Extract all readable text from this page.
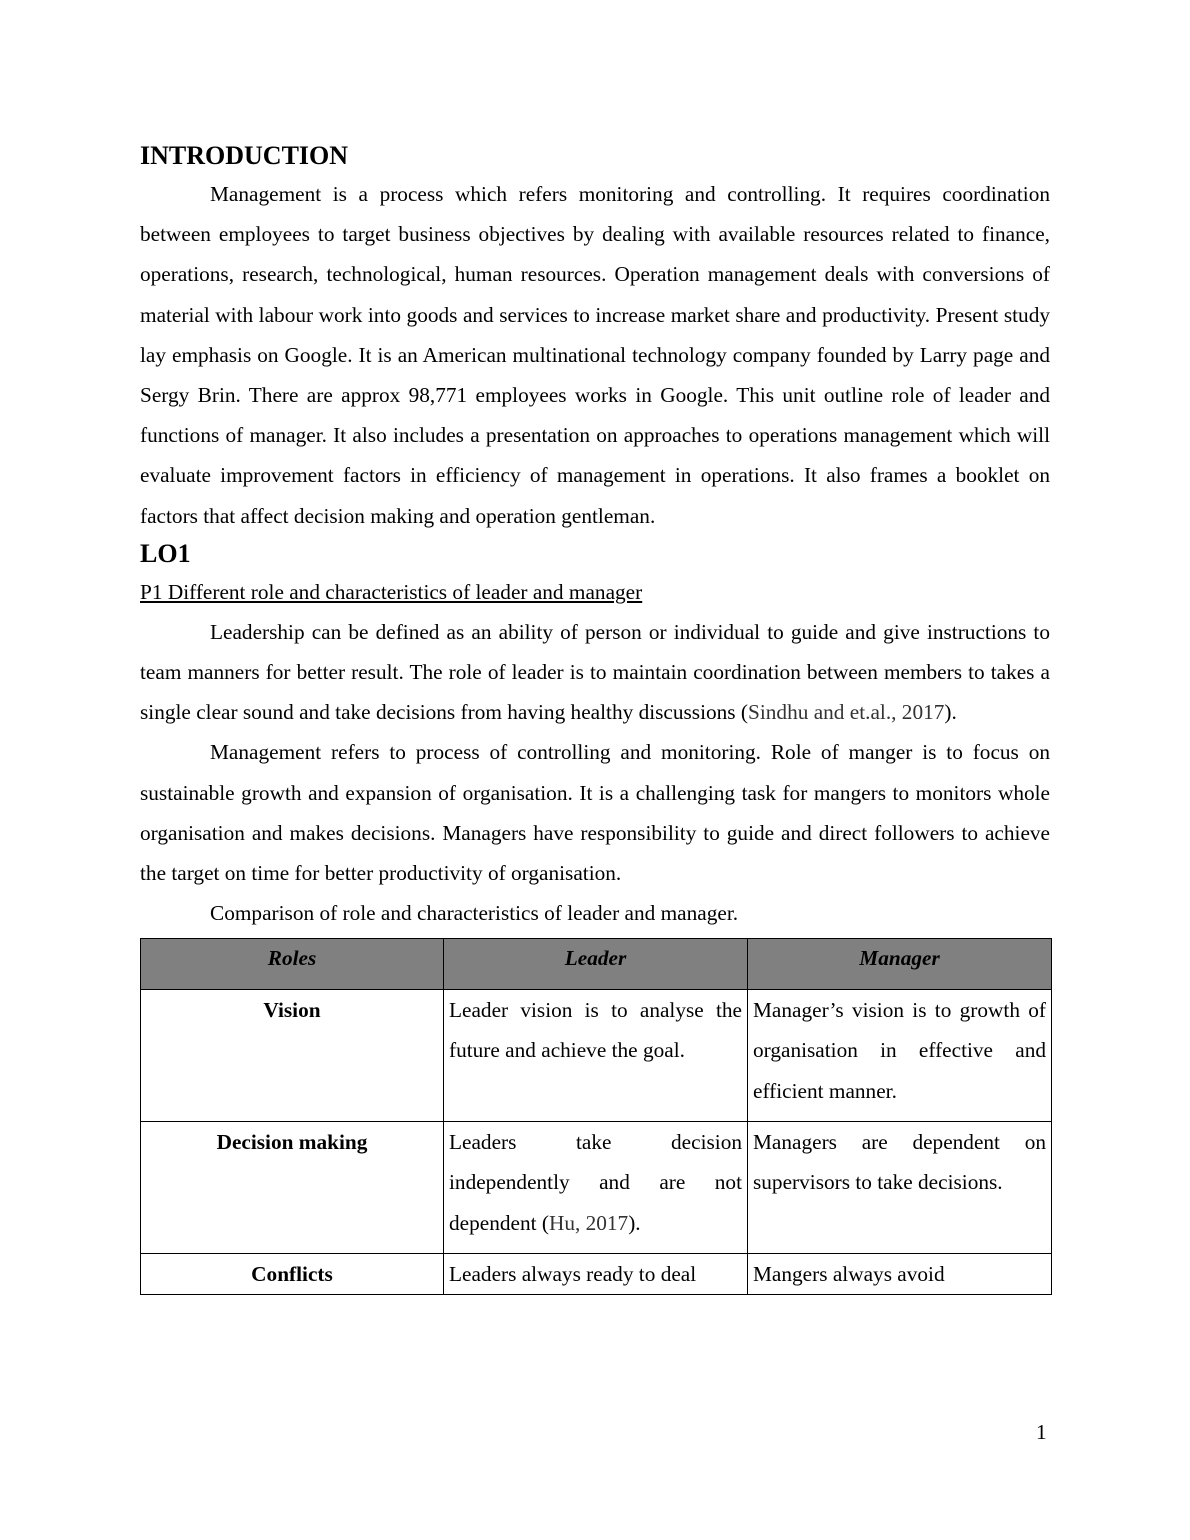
INTRODUCTION

Management is a process which refers monitoring and controlling. It requires coordination between employees to target business objectives by dealing with available resources related to finance, operations, research, technological, human resources. Operation management deals with conversions of material with labour work into goods and services to increase market share and productivity. Present study lay emphasis on Google. It is an American multinational technology company founded by Larry page and Sergy Brin. There are approx 98,771 employees works in Google. This unit outline role of leader and functions of manager. It also includes a presentation on approaches to operations management which will evaluate improvement factors in efficiency of management in operations. It also frames a booklet on factors that affect decision making and operation gentleman.

LO1

P1 Different role and characteristics of leader and manager

Leadership can be defined as an ability of person or individual to guide and give instructions to team manners for better result. The role of leader is to maintain coordination between members to takes a single clear sound and take decisions from having healthy discussions (Sindhu and et.al., 2017).

Management refers to process of controlling and monitoring. Role of manger is to focus on sustainable growth and expansion of organisation. It is a challenging task for mangers to monitors whole organisation and makes decisions. Managers have responsibility to guide and direct followers to achieve the target on time for better productivity of organisation.

Comparison of role and characteristics of leader and manager.

Roles	Leader	Manager
Vision	Leader vision is to analyse the future and achieve the goal.	Manager’s vision is to growth of organisation in effective and efficient manner.
Decision making	Leaders take decision independently and are not dependent (Hu, 2017).	Managers are dependent on supervisors to take decisions.
Conflicts	Leaders always ready to deal	Mangers always avoid
1
